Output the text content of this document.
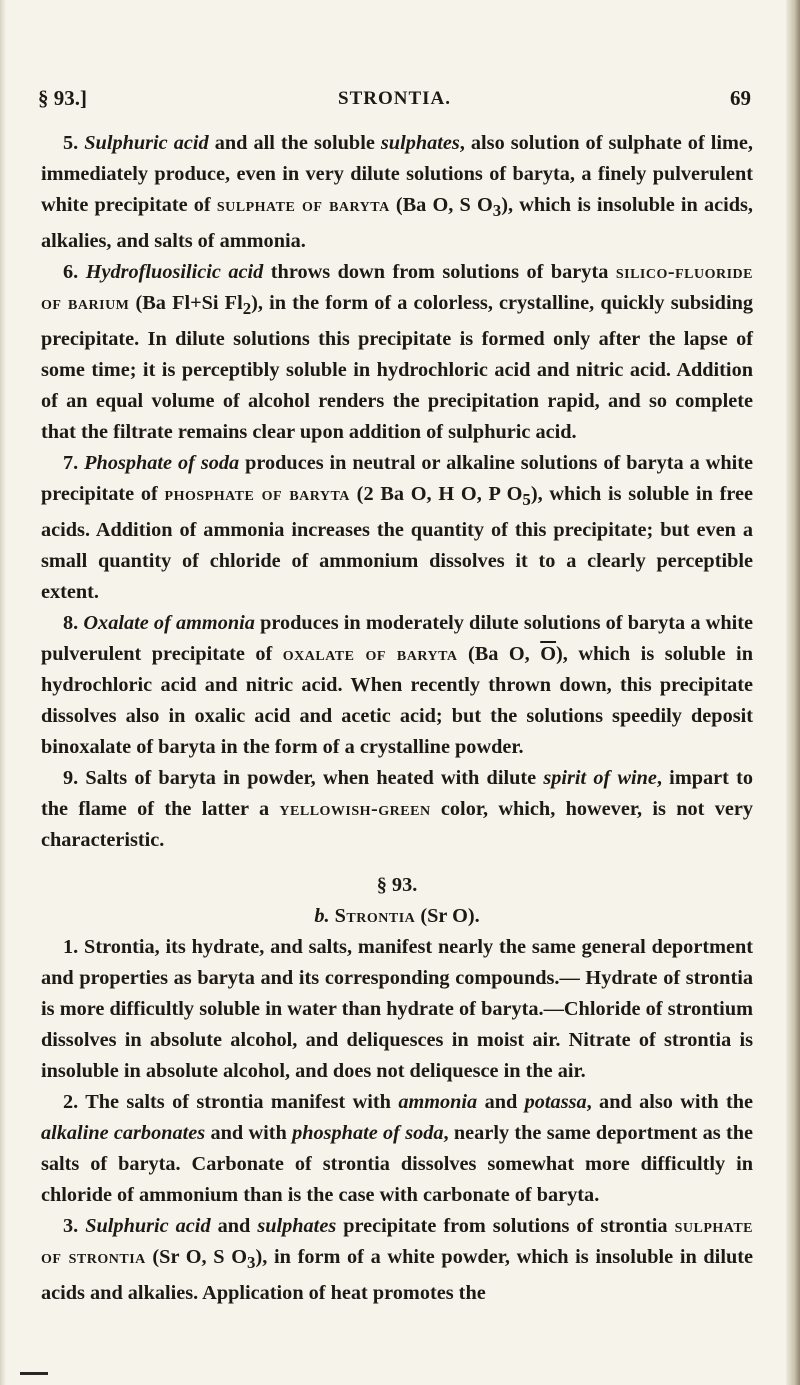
§ 93.]	STRONTIA.	69

5. Sulphuric acid and all the soluble sulphates, also solution of sulphate of lime, immediately produce, even in very dilute solutions of baryta, a finely pulverulent white precipitate of sulphate of baryta (Ba O, S $O_3$), which is insoluble in acids, alkalies, and salts of ammonia.

6. Hydrofluosilicic acid throws down from solutions of baryta silico-fluoride of barium (Ba Fl+Si $Fl_2$), in the form of a colorless, crystalline, quickly subsiding precipitate. In dilute solutions this precipitate is formed only after the lapse of some time; it is perceptibly soluble in hydrochloric acid and nitric acid. Addition of an equal volume of alcohol renders the precipitation rapid, and so complete that the filtrate remains clear upon addition of sulphuric acid.

7. Phosphate of soda produces in neutral or alkaline solutions of baryta a white precipitate of phosphate of baryta (2 Ba O, H O, P $O_5$), which is soluble in free acids. Addition of ammonia increases the quantity of this precipitate; but even a small quantity of chloride of ammonium dissolves it to a clearly perceptible extent.

8. Oxalate of ammonia produces in moderately dilute solutions of baryta a white pulverulent precipitate of oxalate of baryta (Ba O, $\overline{O}$), which is soluble in hydrochloric acid and nitric acid. When recently thrown down, this precipitate dissolves also in oxalic acid and acetic acid; but the solutions speedily deposit binoxalate of baryta in the form of a crystalline powder.

9. Salts of baryta in powder, when heated with dilute spirit of wine, impart to the flame of the latter a yellowish-green color, which, however, is not very characteristic.

§ 93.

b. Strontia (Sr O).

1. Strontia, its hydrate, and salts, manifest nearly the same general deportment and properties as baryta and its corresponding compounds.— Hydrate of strontia is more difficultly soluble in water than hydrate of baryta.—Chloride of strontium dissolves in absolute alcohol, and deliquesces in moist air. Nitrate of strontia is insoluble in absolute alcohol, and does not deliquesce in the air.

2. The salts of strontia manifest with ammonia and potassa, and also with the alkaline carbonates and with phosphate of soda, nearly the same deportment as the salts of baryta. Carbonate of strontia dissolves somewhat more difficultly in chloride of ammonium than is the case with carbonate of baryta.

3. Sulphuric acid and sulphates precipitate from solutions of strontia sulphate of strontia (Sr O, S $O_3$), in form of a white powder, which is insoluble in dilute acids and alkalies. Application of heat promotes the
